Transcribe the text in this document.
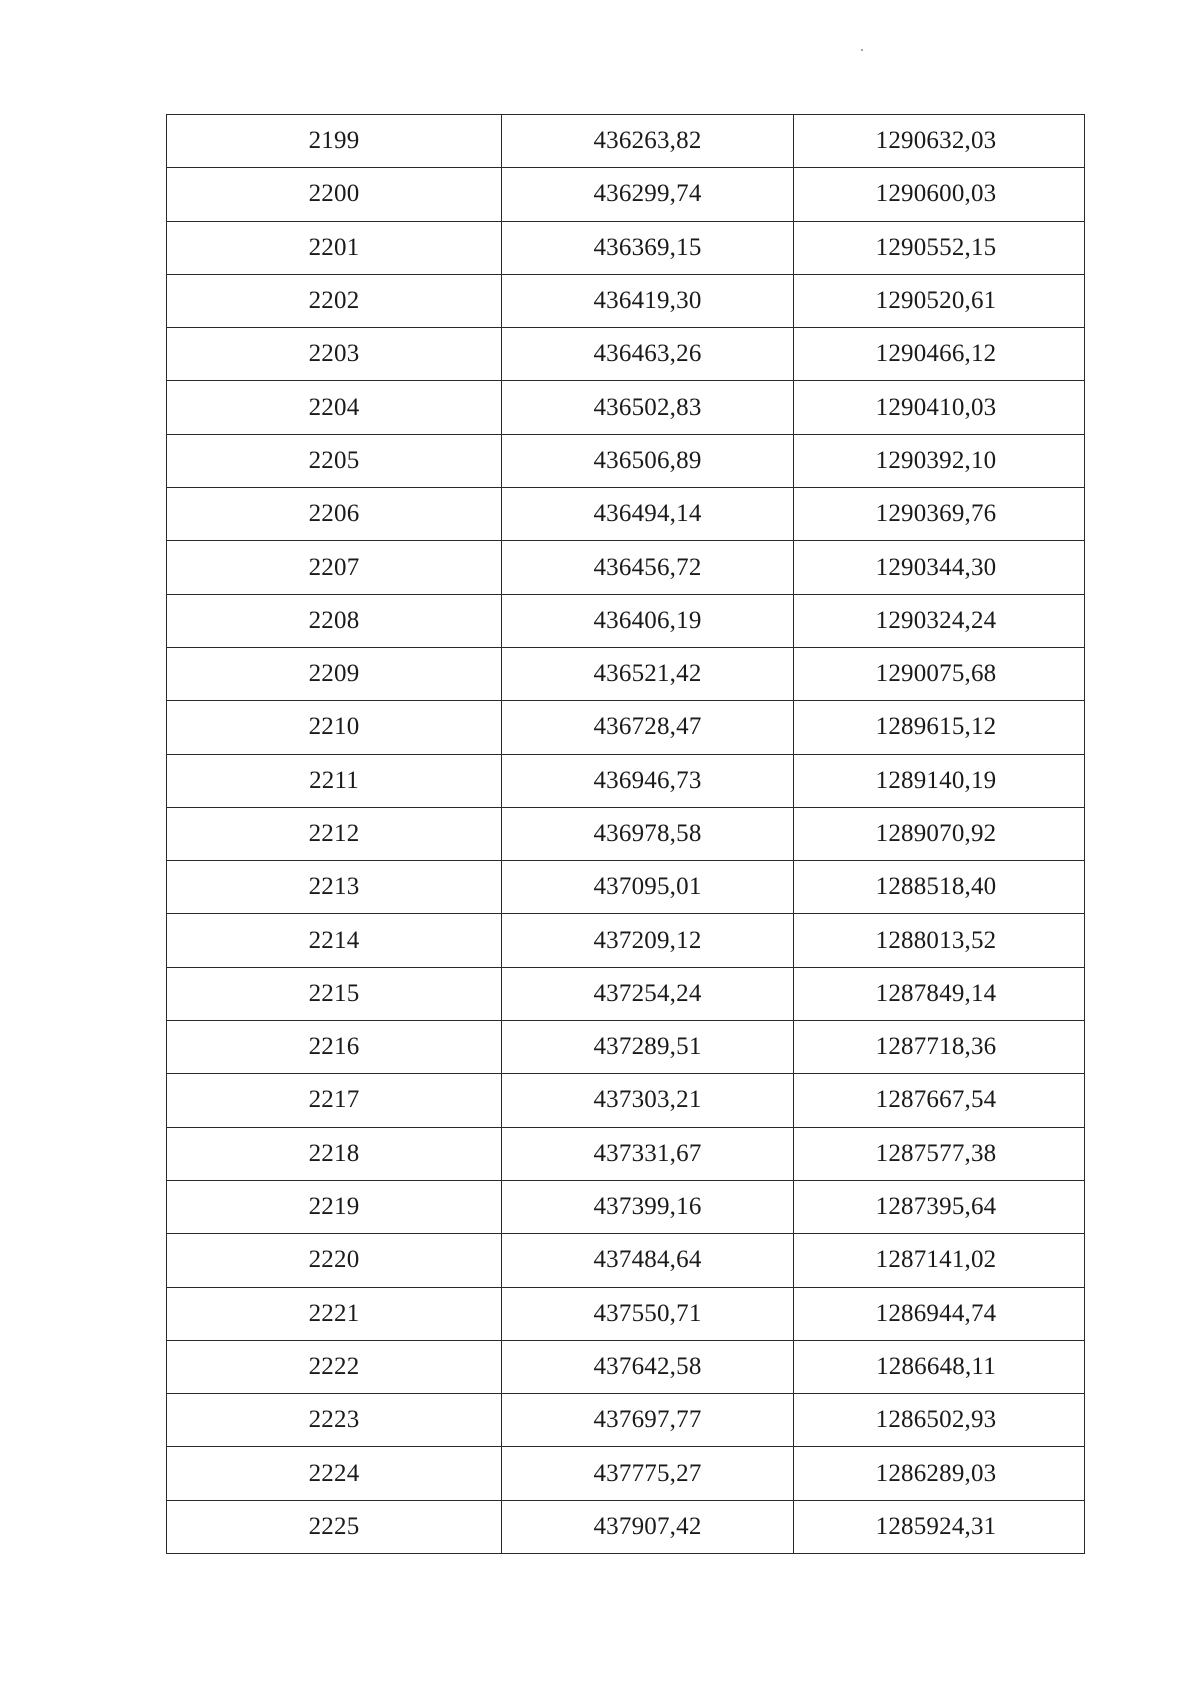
2199	436263,82	1290632,03
2200	436299,74	1290600,03
2201	436369,15	1290552,15
2202	436419,30	1290520,61
2203	436463,26	1290466,12
2204	436502,83	1290410,03
2205	436506,89	1290392,10
2206	436494,14	1290369,76
2207	436456,72	1290344,30
2208	436406,19	1290324,24
2209	436521,42	1290075,68
2210	436728,47	1289615,12
2211	436946,73	1289140,19
2212	436978,58	1289070,92
2213	437095,01	1288518,40
2214	437209,12	1288013,52
2215	437254,24	1287849,14
2216	437289,51	1287718,36
2217	437303,21	1287667,54
2218	437331,67	1287577,38
2219	437399,16	1287395,64
2220	437484,64	1287141,02
2221	437550,71	1286944,74
2222	437642,58	1286648,11
2223	437697,77	1286502,93
2224	437775,27	1286289,03
2225	437907,42	1285924,31
